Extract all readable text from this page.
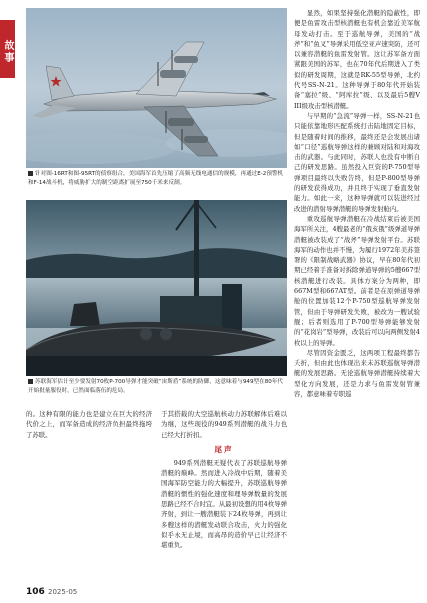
故事
针对图-16RT和图-95RT的侦察组合，美国海军首先压缩了高频无线电通信的规模，再通过E-2预警机和F-14战斗机，将威胁扩大的制空距离扩展至750千米来反制。
苏联海军估计至少要发射70枚P-700导弹才能突破“宙斯盾”系统的防御，这意味着与949型在80年代开始批量服役时，已然面临落伍的危局。

的。这种有限的能力也是建立在巨大的经济代价之上，而军备造成的经济负担最终拖垮了苏联。

于其搭载的大空巡航核动力苏联解体后难以为继，这些现役的949系列潜艇的战斗力也已经大打折扣。

尾声

949系列潜艇无疑代表了苏联巡航导弹潜艇的巅峰。然而进入冷战中后期，随着美国海军防空能力的大幅提升，苏联巡航导弹潜艇的惯性的强化速度和理导弹数量的发展思路已经不合时宜。从最初设想的用4枚导弹齐射，到让一艘潜艇装下24枚导弹，再到让多艘这样的潜艇发动联合攻击，火力的强化似乎永无止境，而高昂的造价早已让经济不堪重负。

显然，如果坚持强化潜艇的隐蔽性，即便是鱼雷攻击型核潜艇也有机会靠近美军航母发动打击。至于巡航导弹，美国的“战斧”和“鱼叉”导弹采用低空亚声速突防，还可以兼容潜艇的鱼雷发射管。这让苏军备方面紧跟美国的苏军，也在70年代后期进入了类似的研发周期，这就是RK-55型导弹，北约代号SS-N-21。这种导弹于80年代开始装备“塞拉”级、“阿库拉”级、以及最后5艘V III级攻击型核潜艇。

与早期的“急流”导弹一样，SS-N-21也只能依靠地形匹配系统打击陆地固定目标，但是随着时间的推移，最终还是会发展出诸如“口径”巡航导弹这样的兼顾对陆和对海攻击的武器。与此同时，苏联人也没有中断自己的研发思路。虽然投入巨资的P-750型导弹项目最终以失败告终，但是P-800型导弹的研发获得成功，并且终于实现了垂直发射能力。如此一来，这种导弹就可以装进经过改进的潜射导弹潜艇的导弹发射舱内。

重攻巡航导弹潜艇在冷战结束后被美国海军所关注，4艘最老的“俄亥俄”级弹道导弹潜艇被改装成了“战斧”导弹发射平台。苏联海军的动作也并不慢，为履行1972年美苏签署的《限制战略武器》协议，早在80年代初期已经着手准备对拆除弹道导弹的5艘667型核潜艇进行改装。具体方案分为两种，即667M型和667AT型。前者是在原弹道导弹舱的位置加装12个P-750型巡航导弹发射管，但由于导弹研发失败，被改为一艘试验舰；后者则选用了P-700型导弹能够发射的“花岗岩”型导弹，改装后可以向两侧发射4枚以上的导弹。

尽管因资金匮乏，这两项工程最终都告夭折，但由此也体现出来未苏联巡航导弹潜艇的发展思路。无论巡航导弹潜艇持续着大型化方向发展，还是力求与鱼雷发射管兼容，都意味着专职巡

106 2025-05
